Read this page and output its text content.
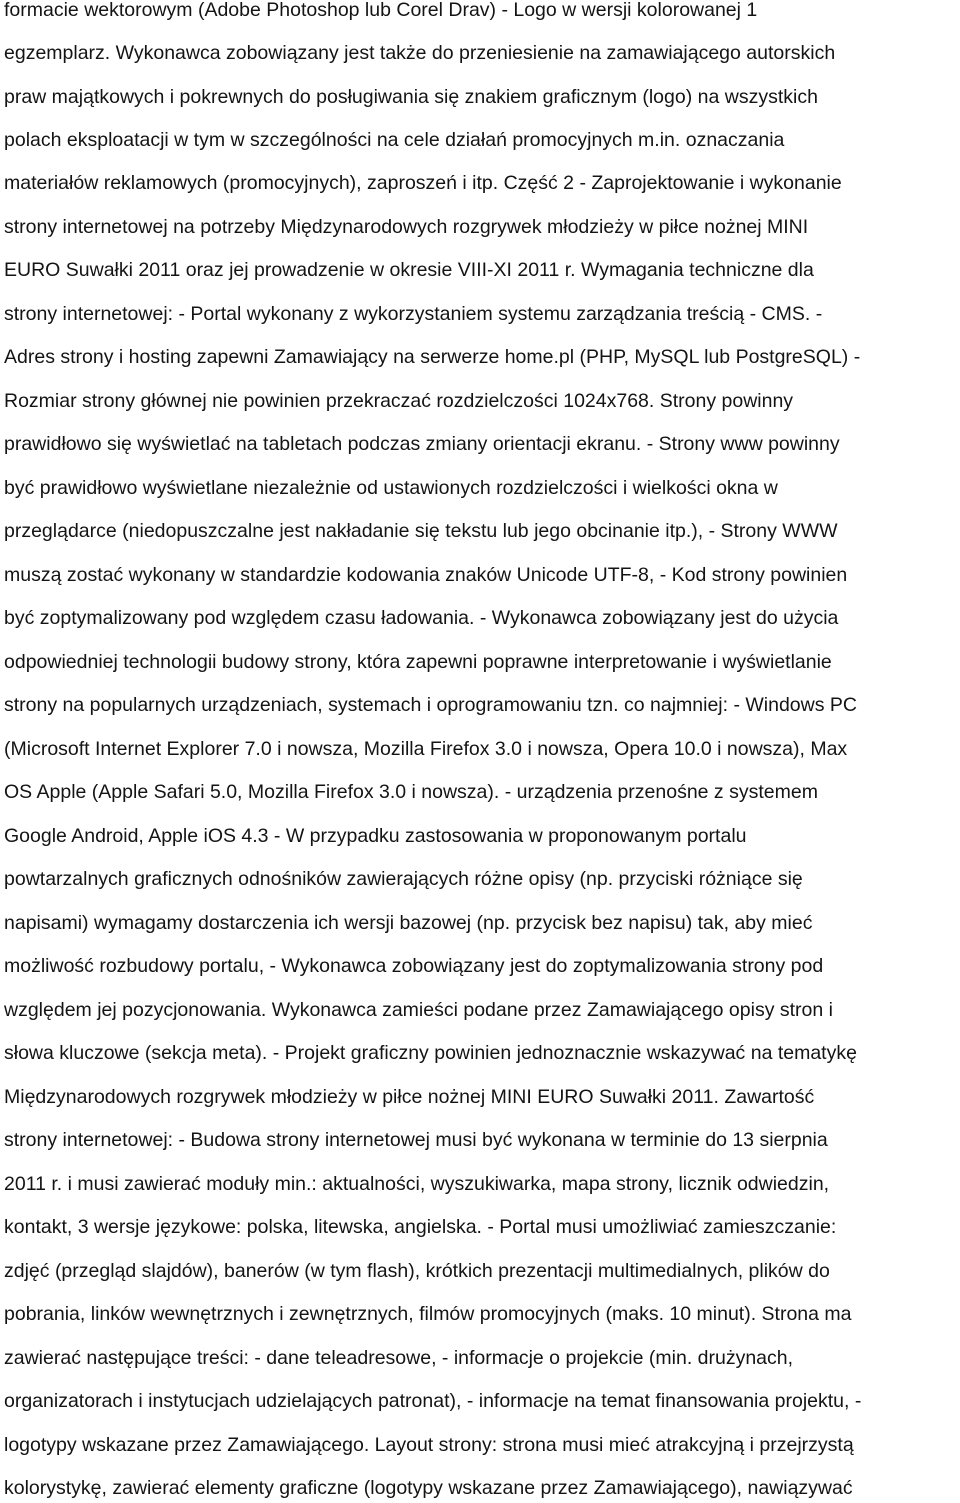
formacie wektorowym (Adobe Photoshop lub Corel Drav) - Logo w wersji kolorowanej 1

egzemplarz. Wykonawca zobowiązany jest także do przeniesienie na zamawiającego autorskich

praw majątkowych i pokrewnych do posługiwania się znakiem graficznym (logo) na wszystkich

polach eksploatacji w tym w szczególności na cele działań promocyjnych m.in. oznaczania

materiałów reklamowych (promocyjnych), zaproszeń i itp. Część 2 - Zaprojektowanie i wykonanie

strony internetowej na potrzeby Międzynarodowych rozgrywek młodzieży w piłce nożnej MINI

EURO Suwałki 2011 oraz jej prowadzenie w okresie VIII-XI 2011 r. Wymagania techniczne dla

strony internetowej: - Portal wykonany z wykorzystaniem systemu zarządzania treścią - CMS. -

Adres strony i hosting zapewni Zamawiający na serwerze home.pl (PHP, MySQL lub PostgreSQL) -

Rozmiar strony głównej nie powinien przekraczać rozdzielczości 1024x768. Strony powinny

prawidłowo się wyświetlać na tabletach podczas zmiany orientacji ekranu. - Strony www powinny

być prawidłowo wyświetlane niezależnie od ustawionych rozdzielczości i wielkości okna w

przeglądarce (niedopuszczalne jest nakładanie się tekstu lub jego obcinanie itp.), - Strony WWW

muszą zostać wykonany w standardzie kodowania znaków Unicode UTF-8, - Kod strony powinien

być zoptymalizowany pod względem czasu ładowania. - Wykonawca zobowiązany jest do użycia

odpowiedniej technologii budowy strony, która zapewni poprawne interpretowanie i wyświetlanie

strony na popularnych urządzeniach, systemach i oprogramowaniu tzn. co najmniej: - Windows PC

(Microsoft Internet Explorer 7.0 i nowsza, Mozilla Firefox 3.0 i nowsza, Opera 10.0 i nowsza), Max

OS Apple (Apple Safari 5.0, Mozilla Firefox 3.0 i nowsza). - urządzenia przenośne z systemem

Google Android, Apple iOS 4.3 - W przypadku zastosowania w proponowanym portalu

powtarzalnych graficznych odnośników zawierających różne opisy (np. przyciski różniące się

napisami) wymagamy dostarczenia ich wersji bazowej (np. przycisk bez napisu) tak, aby mieć

możliwość rozbudowy portalu, - Wykonawca zobowiązany jest do zoptymalizowania strony pod

względem jej pozycjonowania. Wykonawca zamieści podane przez Zamawiającego opisy stron i

słowa kluczowe (sekcja meta). - Projekt graficzny powinien jednoznacznie wskazywać na tematykę

Międzynarodowych rozgrywek młodzieży w piłce nożnej MINI EURO Suwałki 2011. Zawartość

strony internetowej: - Budowa strony internetowej musi być wykonana w terminie do 13 sierpnia

2011 r. i musi zawierać moduły min.: aktualności, wyszukiwarka, mapa strony, licznik odwiedzin,

kontakt, 3 wersje językowe: polska, litewska, angielska. - Portal musi umożliwiać zamieszczanie:

zdjęć (przegląd slajdów), banerów (w tym flash), krótkich prezentacji multimedialnych, plików do

pobrania, linków wewnętrznych i zewnętrznych, filmów promocyjnych (maks. 10 minut). Strona ma

zawierać następujące treści: - dane teleadresowe, - informacje o projekcie (min. drużynach,

organizatorach i instytucjach udzielających patronat), - informacje na temat finansowania projektu, -

logotypy wskazane przez Zamawiającego. Layout strony: strona musi mieć atrakcyjną i przejrzystą

kolorystykę, zawierać elementy graficzne (logotypy wskazane przez Zamawiającego), nawiązywać
